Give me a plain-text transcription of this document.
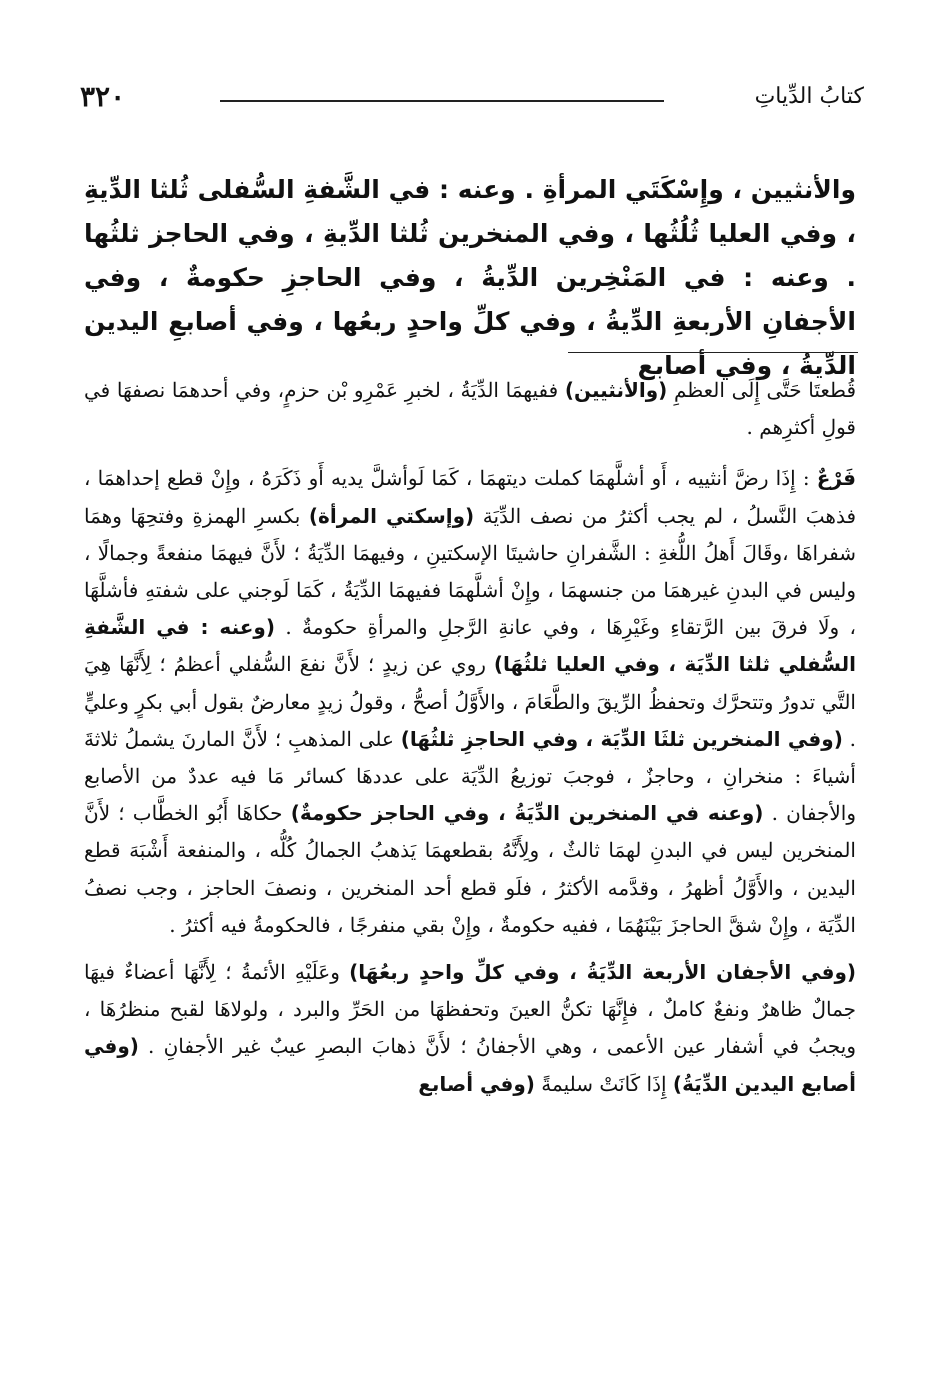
كتابُ الدِّياتِ
٣٢٠
والأنثيين ، وإِسْكَتَي المرأةِ . وعنه : في الشَّفةِ السُّفلى ثُلثا الدِّيةِ ، وفي العليا ثُلُثُها ، وفي المنخرين ثُلثا الدِّيةِ ، وفي الحاجز ثلثُها . وعنه : في المَنْخِرين الدِّيةُ ، وفي الحاجزِ حكومةٌ ، وفي الأجفانِ الأربعةِ الدِّيةُ ، وفي كلِّ واحدٍ ربعُها ، وفي أصابعِ اليدين الدِّيةُ ، وفي أصابع

قُطعتَا حَتَّى إِلَى العظمِ (والأنثيين) ففيهمَا الدِّيَةُ ، لخبرِ عَمْرِو بْن حزمٍ، وفي أحدهمَا نصفهَا في قولِ أكثرِهم .

فَرْعٌ : إِذَا رضَّ أنثييه ، أَو أشلَّهمَا كملت ديتهمَا ، كَمَا لَوأشلَّ يديه أَو ذَكَرَهُ ، وإِنْ قطع إحداهمَا ، فذهبَ النَّسلُ ، لم يجب أكثرُ من نصف الدِّيَة (وإسكتي المرأة) بكسرِ الهمزةِ وفتحِهَا وهمَا شفراهَا ،وقَالَ أَهلُ اللُّغةِ : الشَّفرانِ حاشيتَا الإسكتينِ ، وفيهمَا الدِّيَةُ ؛ لأَنَّ فيهمَا منفعةً وجمالًا ، وليس في البدنِ غيرهمَا من جنسهمَا ، وإِنْ أشلَّهمَا ففيهمَا الدِّيَةُ ، كَمَا لَوجني على شفتهِ فأشلَّهَا ، ولَا فرقَ بين الرَّتقاءِ وغَيْرِهَا ، وفي عانةِ الرَّجلِ والمرأةِ حكومةٌ . (وعنه : في الشَّفةِ السُّفلي ثلثا الدِّيَة ، وفي العليا ثلثُهَا) روي عن زيدٍ ؛ لأَنَّ نفعَ السُّفلي أعظمُ ؛ لِأَنَّهَا هِيَ التَّي تدورُ وتتحرَّك وتحفظُ الرِّيقَ والطَّعَامَ ، والأَوَّلُ أصحُّ ، وقولُ زيدٍ معارضٌ بقول أبي بكرٍ وعليٍّ . (وفي المنخرين ثلثَا الدِّيَة ، وفي الحاجزِ ثلثُهَا) على المذهبِ ؛ لأَنَّ المارنَ يشملُ ثلاثةَ أشياءَ : منخرانِ ، وحاجزٌ ، فوجبَ توزيعُ الدِّيَة على عددهَا كسائر مَا فيه عددٌ من الأصابع والأجفان . (وعنه في المنخرين الدِّيَةُ ، وفي الحاجز حكومةٌ) حكاهَا أَبُو الخطَّاب ؛ لأَنَّ المنخرين ليس في البدنِ لهمَا ثالثٌ ، ولِأَنَّهُ بقطعهمَا يَذهبُ الجمالُ كُلُّه ، والمنفعة أَشْبَهَ قطع اليدين ، والأَوَّلُ أظهرُ ، وقدَّمه الأكثرُ ، فلَو قطع أحد المنخرين ، ونصفَ الحاجز ، وجب نصفُ الدِّيَة ، وإِنْ شقَّ الحاجزَ بَيْنَهُمَا ، ففيه حكومةٌ ، وإِنْ بقي منفرجًا ، فالحكومةُ فيه أكثرُ .

(وفي الأجفان الأربعة الدِّيَةُ ، وفي كلِّ واحدٍ ربعُهَا) وعَلَيْهِ الأئمةُ ؛ لِأَنَّهَا أعضاءٌ فيهَا جمالٌ ظاهرٌ ونفعٌ كاملٌ ، فإِنَّهَا تكنُّ العينَ وتحفظهَا من الحَرِّ والبرد ، ولولاهَا لقبح منظرُهَا ، ويجبُ في أشفار عين الأعمى ، وهي الأجفانُ ؛ لأَنَّ ذهابَ البصرِ عيبٌ غير الأجفانِ . (وفي أصابع اليدين الدِّيَةُ) إِذَا كَانَتْ سليمةً (وفي أصابع
